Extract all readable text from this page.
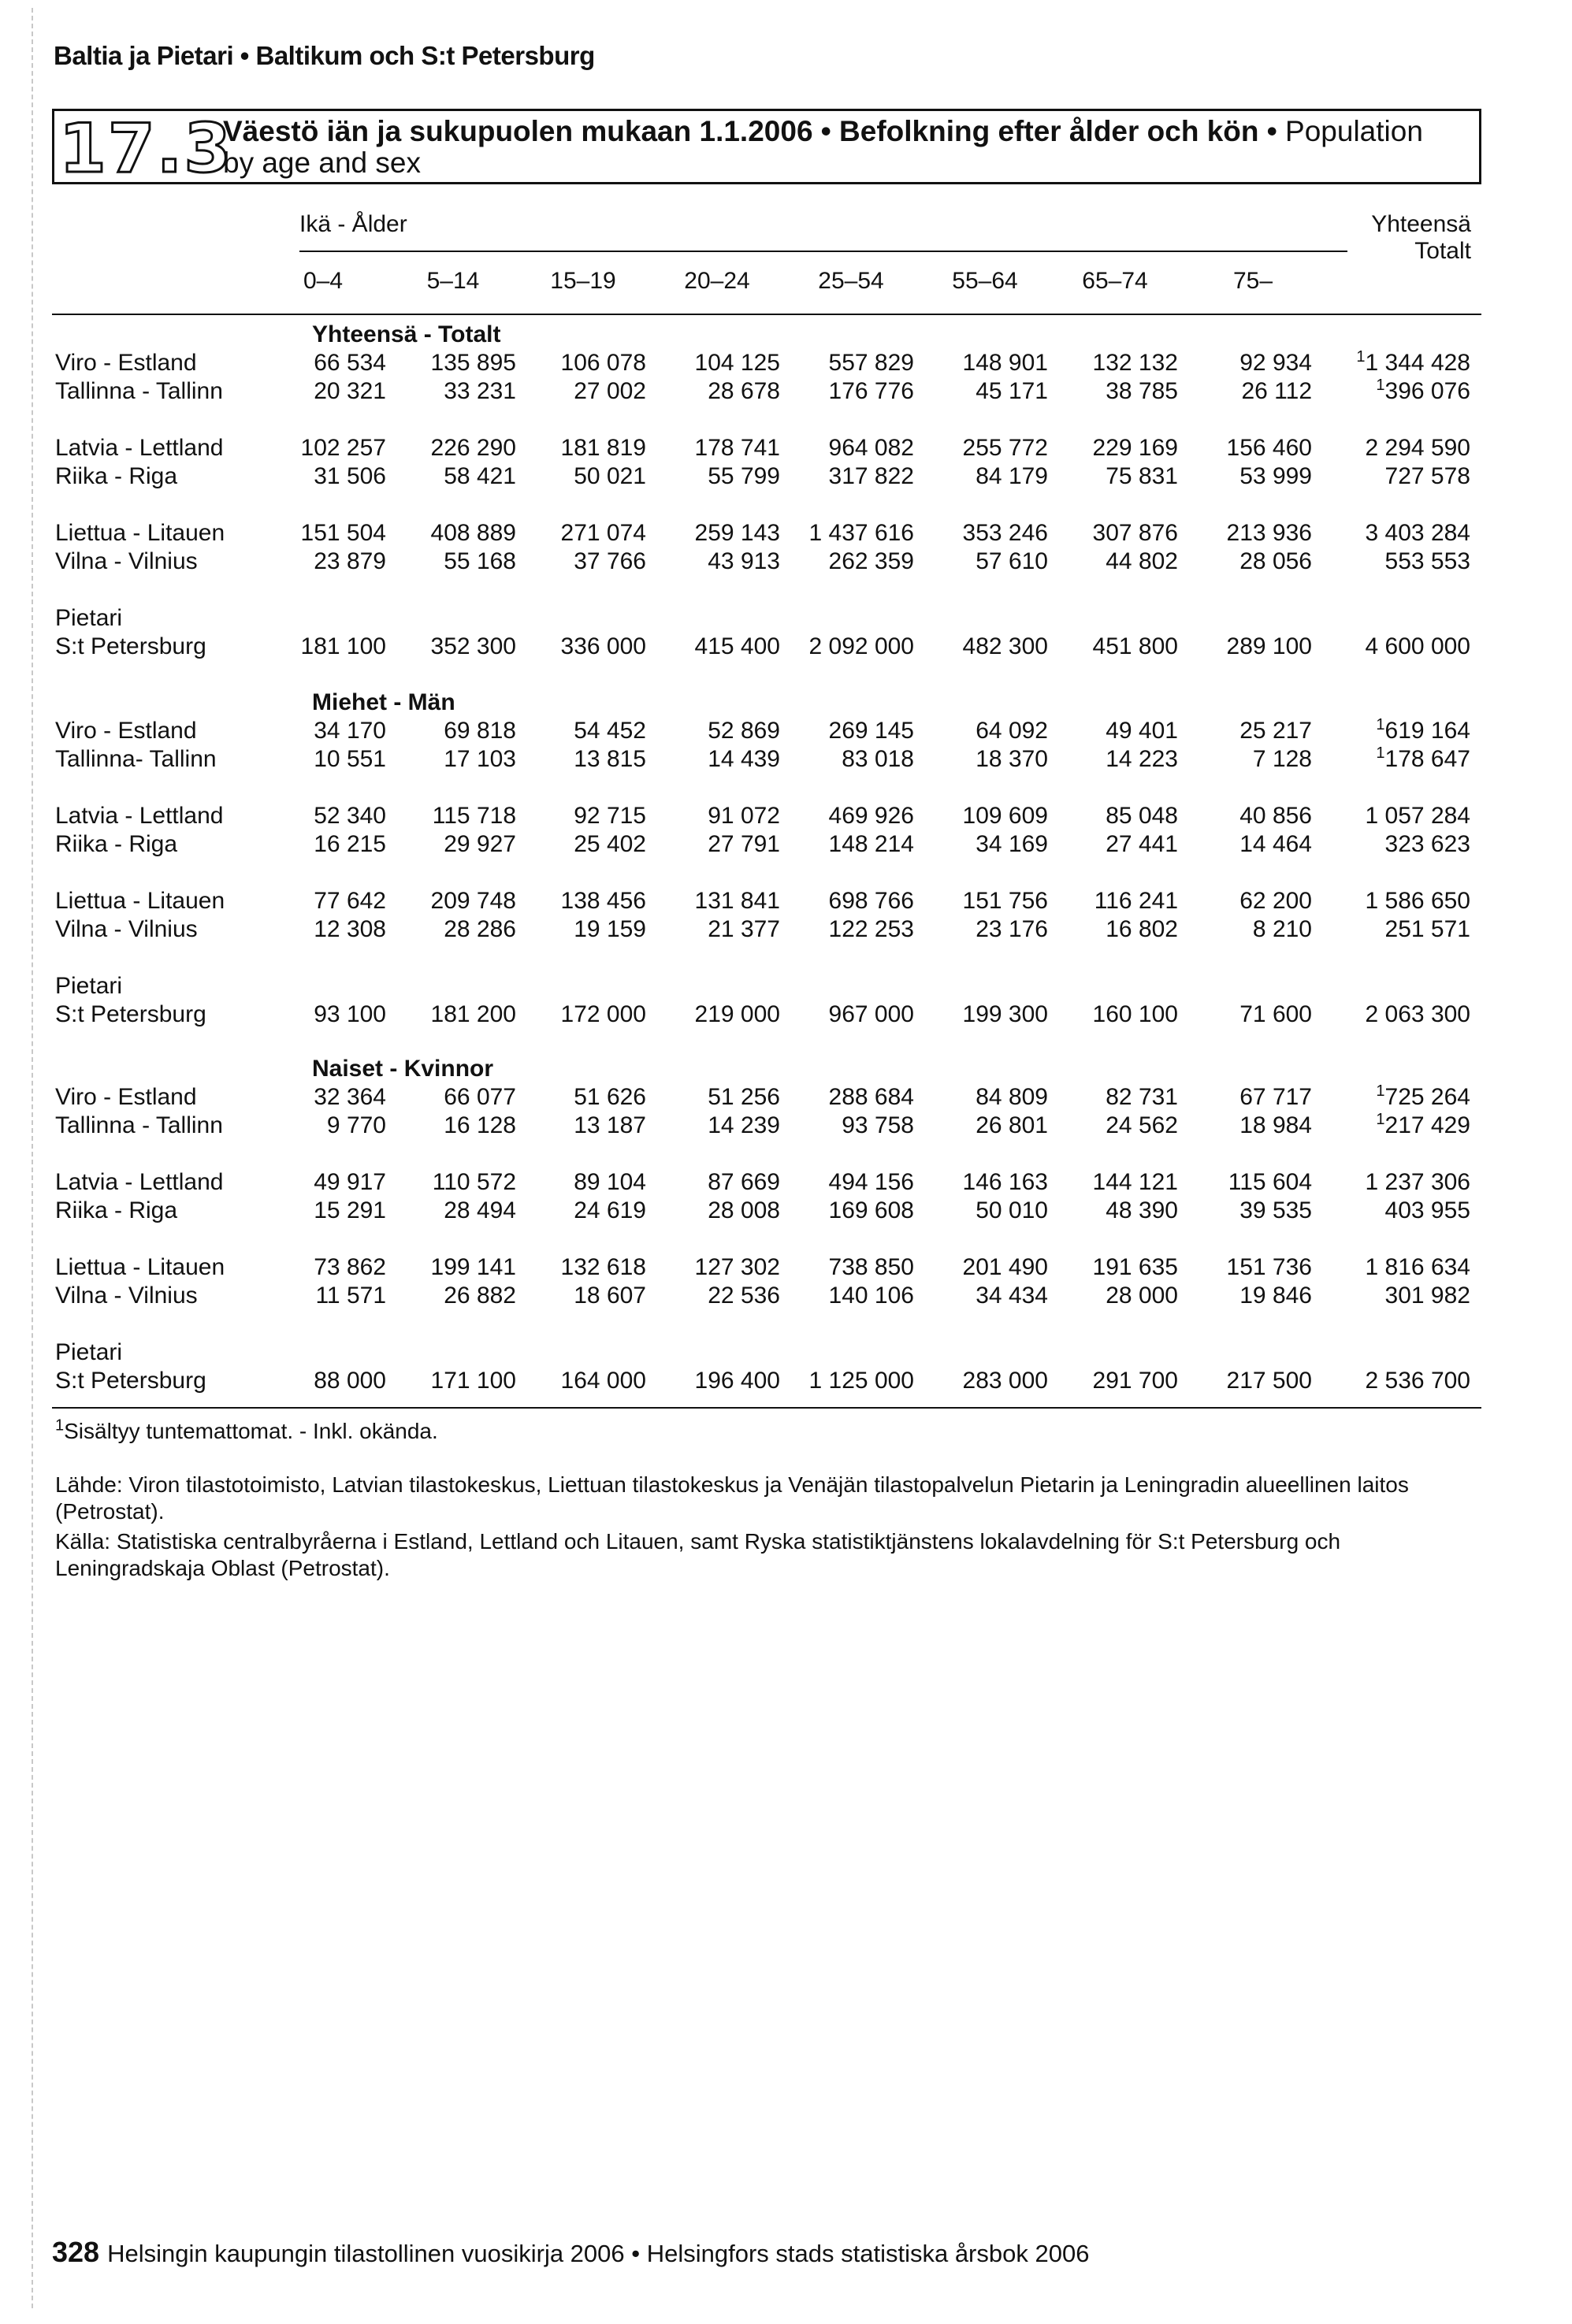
Baltia ja Pietari • Baltikum och S:t Petersburg
17.3
Väestö iän ja sukupuolen mukaan 1.1.2006 • Befolkning efter ålder och kön • Population
by age and sex
Ikä - Ålder	Yhteensä
Totalt
0–4	5–14	15–19	20–24	25–54	55–64	65–74	75–
Yhteensä - Totalt
Viro - Estland	66 534	135 895	106 078	104 125	557 829	148 901	132 132	92 934	$^1$1 344 428
Tallinna - Tallinn	20 321	33 231	27 002	28 678	176 776	45 171	38 785	26 112	$^1$396 076
Latvia - Lettland	102 257	226 290	181 819	178 741	964 082	255 772	229 169	156 460	2 294 590
Riika - Riga	31 506	58 421	50 021	55 799	317 822	84 179	75 831	53 999	727 578
Liettua - Litauen	151 504	408 889	271 074	259 143	1 437 616	353 246	307 876	213 936	3 403 284
Vilna - Vilnius	23 879	55 168	37 766	43 913	262 359	57 610	44 802	28 056	553 553
Pietari
S:t Petersburg	181 100	352 300	336 000	415 400	2 092 000	482 300	451 800	289 100	4 600 000
Miehet - Män
Viro - Estland	34 170	69 818	54 452	52 869	269 145	64 092	49 401	25 217	$^1$619 164
Tallinna- Tallinn	10 551	17 103	13 815	14 439	83 018	18 370	14 223	7 128	$^1$178 647
Latvia - Lettland	52 340	115 718	92 715	91 072	469 926	109 609	85 048	40 856	1 057 284
Riika - Riga	16 215	29 927	25 402	27 791	148 214	34 169	27 441	14 464	323 623
Liettua - Litauen	77 642	209 748	138 456	131 841	698 766	151 756	116 241	62 200	1 586 650
Vilna - Vilnius	12 308	28 286	19 159	21 377	122 253	23 176	16 802	8 210	251 571
Pietari
S:t Petersburg	93 100	181 200	172 000	219 000	967 000	199 300	160 100	71 600	2 063 300
Naiset - Kvinnor
Viro - Estland	32 364	66 077	51 626	51 256	288 684	84 809	82 731	67 717	$^1$725 264
Tallinna - Tallinn	9 770	16 128	13 187	14 239	93 758	26 801	24 562	18 984	$^1$217 429
Latvia - Lettland	49 917	110 572	89 104	87 669	494 156	146 163	144 121	115 604	1 237 306
Riika - Riga	15 291	28 494	24 619	28 008	169 608	50 010	48 390	39 535	403 955
Liettua - Litauen	73 862	199 141	132 618	127 302	738 850	201 490	191 635	151 736	1 816 634
Vilna - Vilnius	11 571	26 882	18 607	22 536	140 106	34 434	28 000	19 846	301 982
Pietari
S:t Petersburg	88 000	171 100	164 000	196 400	1 125 000	283 000	291 700	217 500	2 536 700
$^1$Sisältyy tuntemattomat. - Inkl. okända.
Lähde: Viron tilastotoimisto, Latvian tilastokeskus, Liettuan tilastokeskus ja Venäjän tilastopalvelun Pietarin ja Leningradin alueellinen laitos (Petrostat).
Källa: Statistiska centralbyråerna i Estland, Lettland och Litauen, samt Ryska statistiktjänstens lokalavdelning för S:t Petersburg och Leningradskaja Oblast (Petrostat).
328 Helsingin kaupungin tilastollinen vuosikirja 2006 • Helsingfors stads statistiska årsbok 2006
